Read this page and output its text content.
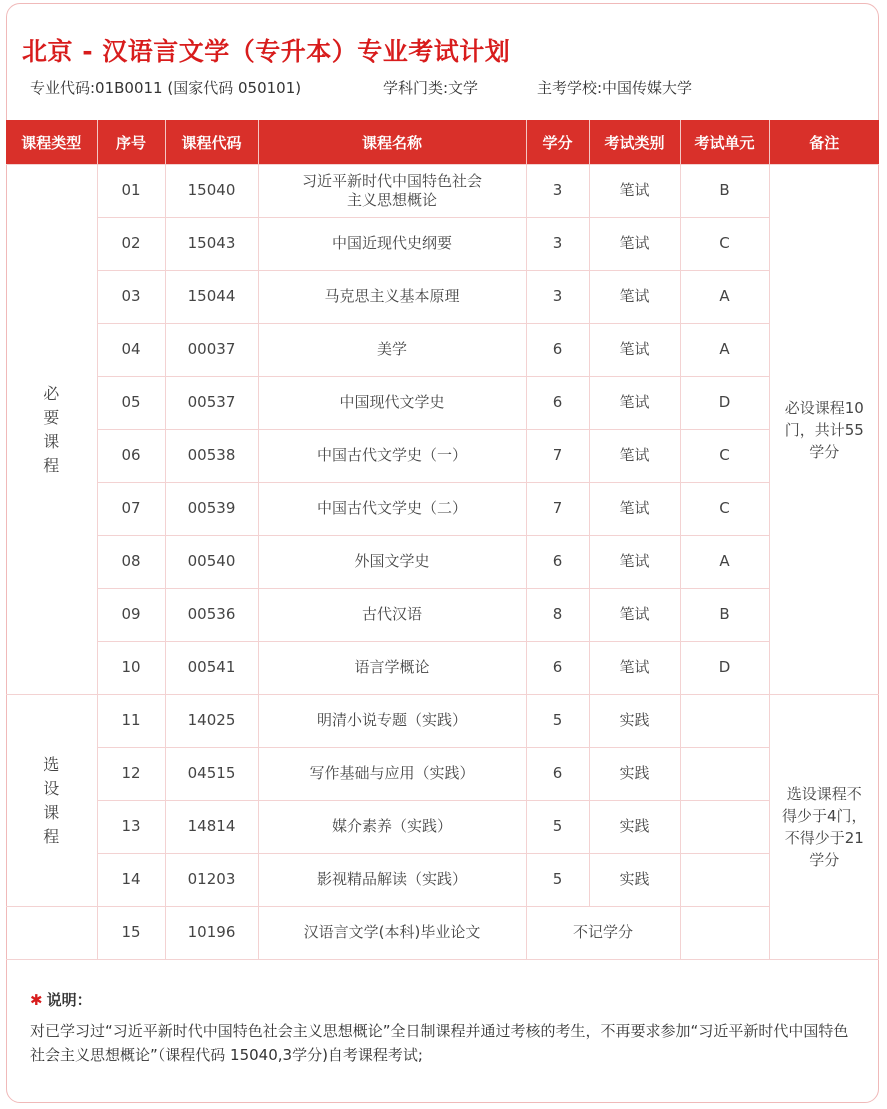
北京 - 汉语言文学（专升本）专业考试计划
专业代码:01B0011 (国家代码 050101)	学科门类:文学	主考学校:中国传媒大学
课程类型	序号	课程代码	课程名称	学分	考试类别	考试单元	备注

必要课程	01	15040	习近平新时代中国特色社会主义思想概论	3	笔试	B	必设课程10门，共计55学分

	02	15043	中国近现代史纲要	3	笔试	C	
	03	15044	马克思主义基本原理	3	笔试	A	
	04	00037	美学	6	笔试	A	
	05	00537	中国现代文学史	6	笔试	D	
	06	00538	中国古代文学史（一）	7	笔试	C	
	07	00539	中国古代文学史（二）	7	笔试	C	
	08	00540	外国文学史	6	笔试	A	
	09	00536	古代汉语	8	笔试	B	
	10	00541	语言学概论	6	笔试	D	

选设课程	11	14025	明清小说专题（实践）	5	实践		选设课程不得少于4门，不得少于21学分

	12	04515	写作基础与应用（实践）	6	实践		
	13	14814	媒介素养（实践）	5	实践		
	14	01203	影视精品解读（实践）	5	实践		
	15	10196	汉语言文学(本科)毕业论文	不记学分			
✱ 说明：
对已学习过“习近平新时代中国特色社会主义思想概论”全日制课程并通过考核的考生，不再要求参加“习近平新时代中国特色社会主义思想概论”（课程代码 15040,3学分)自考课程考试;
